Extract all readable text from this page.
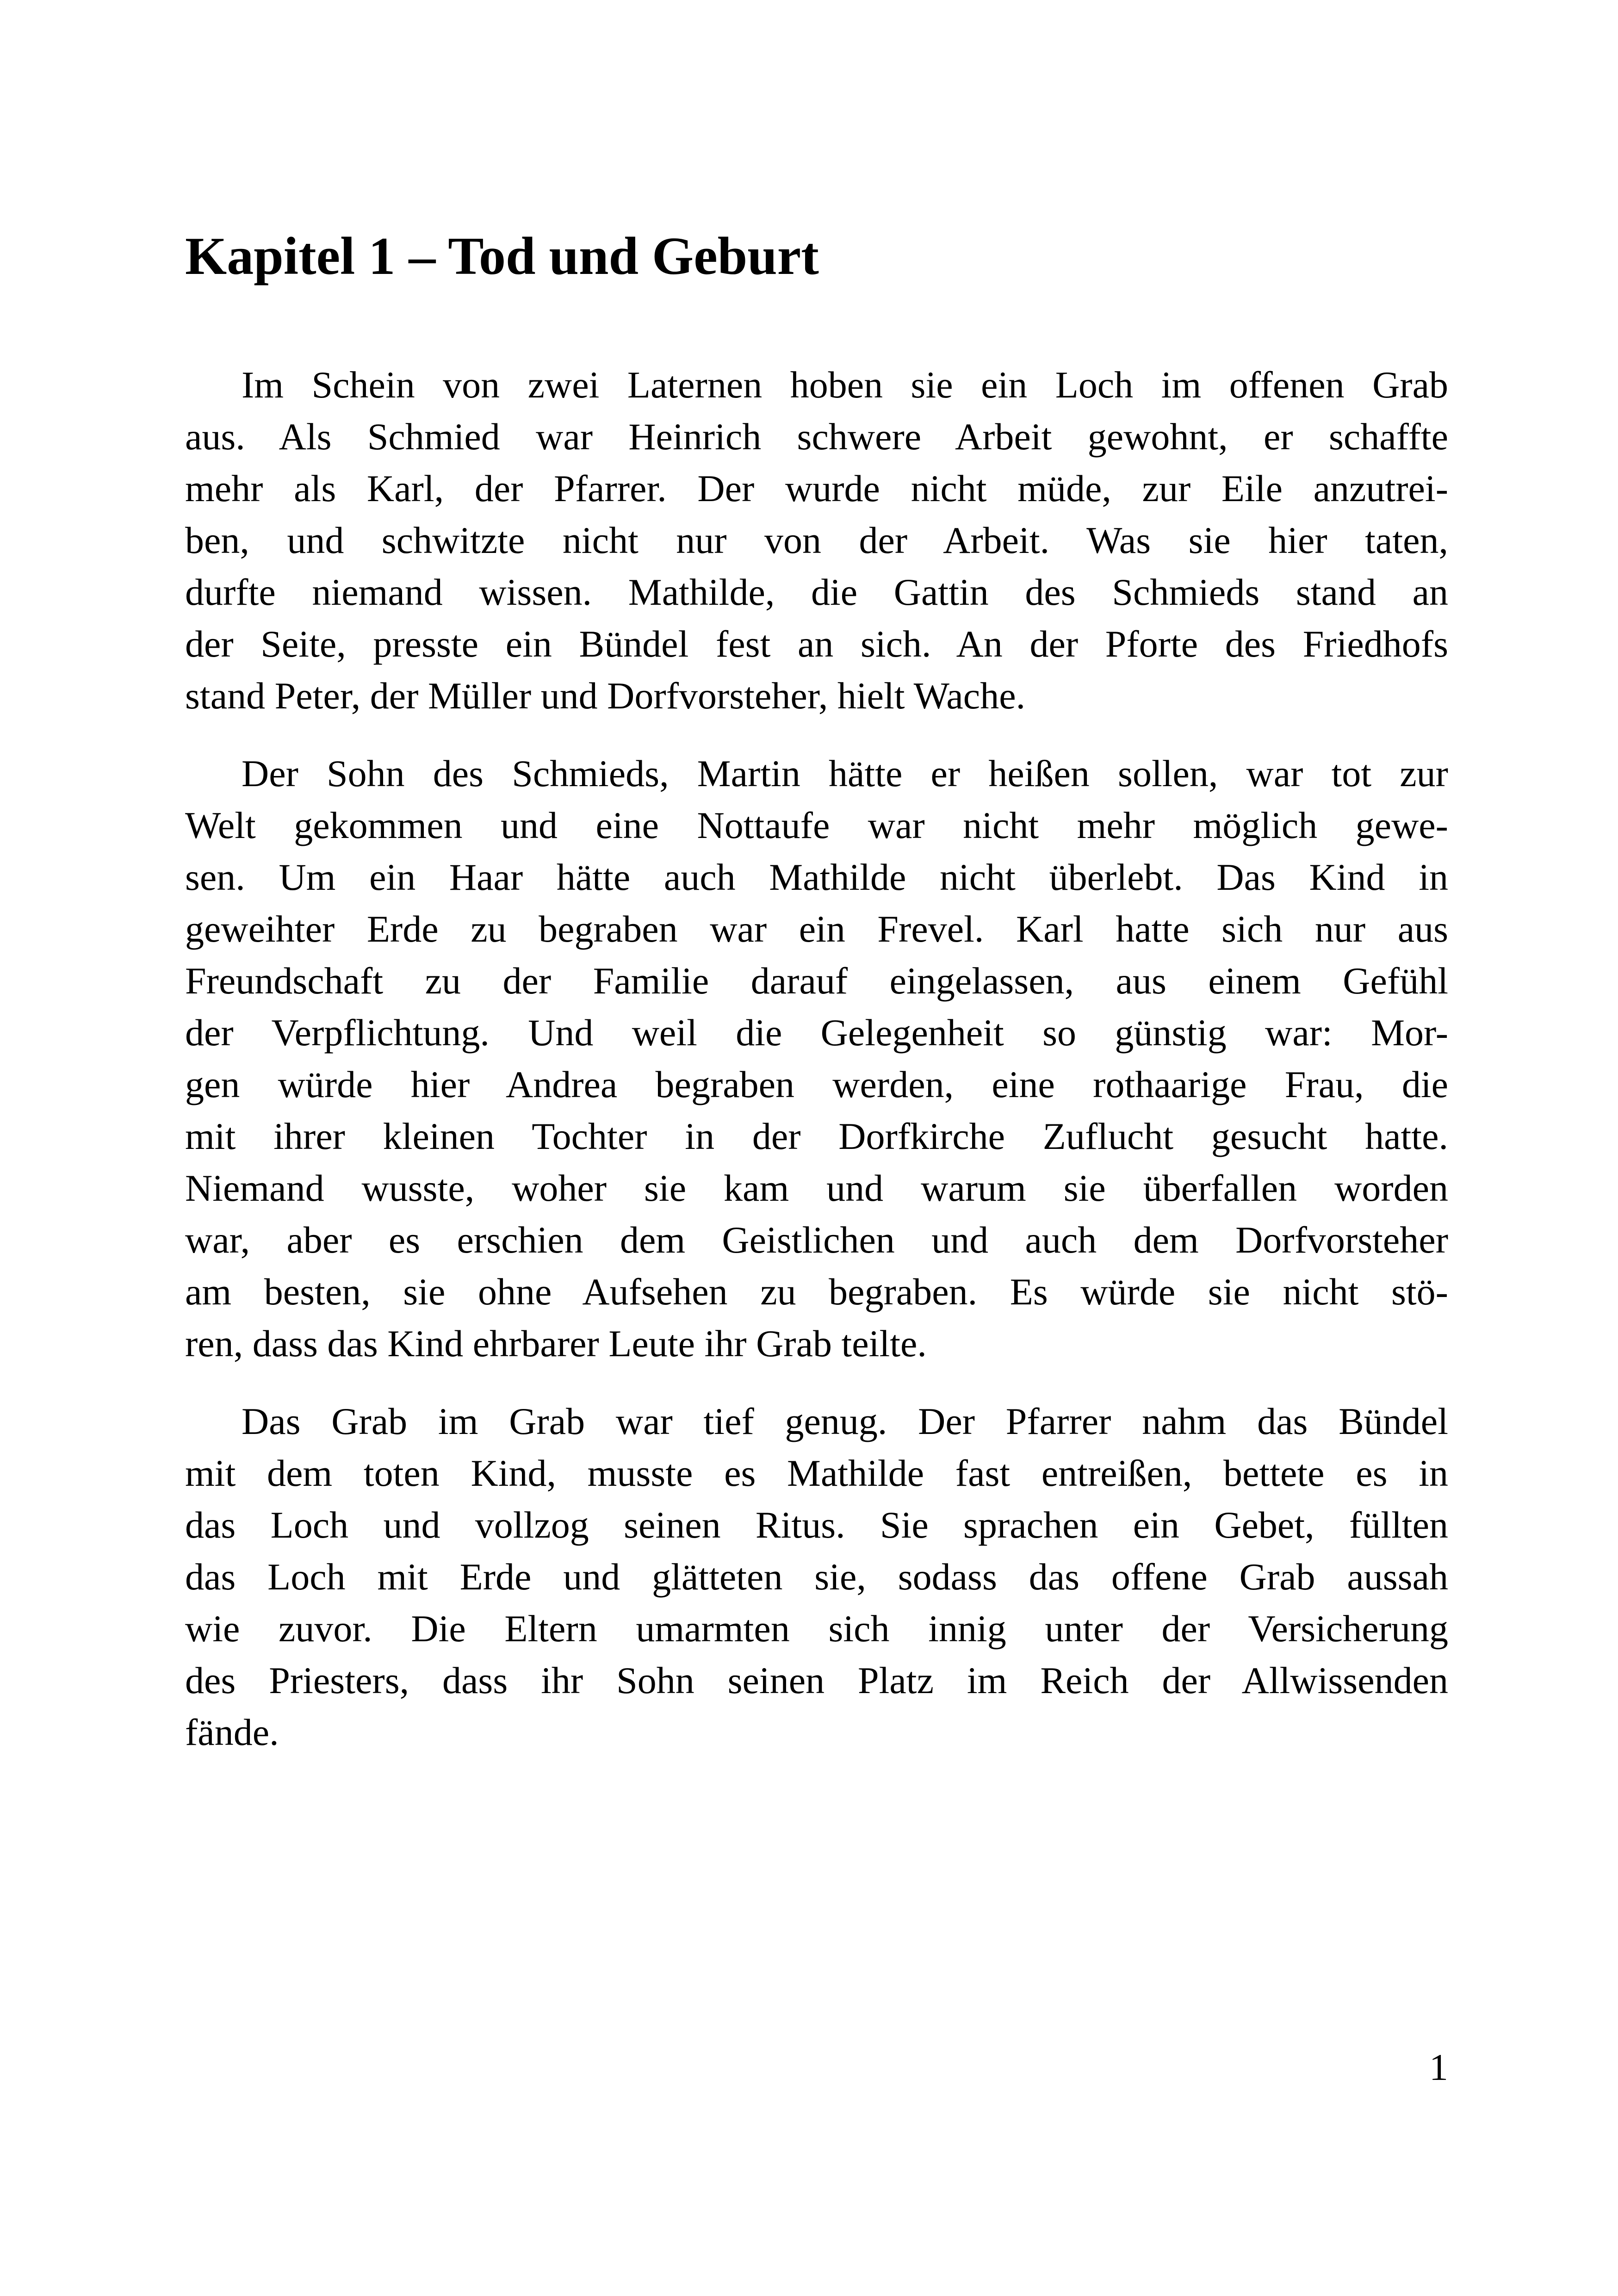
Kapitel 1 – Tod und Geburt

Im Schein von zwei Laternen hoben sie ein Loch im offenen Grab
aus. Als Schmied war Heinrich schwere Arbeit gewohnt, er schaffte
mehr als Karl, der Pfarrer. Der wurde nicht müde, zur Eile anzutrei-
ben, und schwitzte nicht nur von der Arbeit. Was sie hier taten,
durfte niemand wissen. Mathilde, die Gattin des Schmieds stand an
der Seite, presste ein Bündel fest an sich. An der Pforte des Friedhofs
stand Peter, der Müller und Dorfvorsteher, hielt Wache.

Der Sohn des Schmieds, Martin hätte er heißen sollen, war tot zur
Welt gekommen und eine Nottaufe war nicht mehr möglich gewe-
sen. Um ein Haar hätte auch Mathilde nicht überlebt. Das Kind in
geweihter Erde zu begraben war ein Frevel. Karl hatte sich nur aus
Freundschaft zu der Familie darauf eingelassen, aus einem Gefühl
der Verpflichtung. Und weil die Gelegenheit so günstig war: Mor-
gen würde hier Andrea begraben werden, eine rothaarige Frau, die
mit ihrer kleinen Tochter in der Dorfkirche Zuflucht gesucht hatte.
Niemand wusste, woher sie kam und warum sie überfallen worden
war, aber es erschien dem Geistlichen und auch dem Dorfvorsteher
am besten, sie ohne Aufsehen zu begraben. Es würde sie nicht stö-
ren, dass das Kind ehrbarer Leute ihr Grab teilte.

Das Grab im Grab war tief genug. Der Pfarrer nahm das Bündel
mit dem toten Kind, musste es Mathilde fast entreißen, bettete es in
das Loch und vollzog seinen Ritus. Sie sprachen ein Gebet, füllten
das Loch mit Erde und glätteten sie, sodass das offene Grab aussah
wie zuvor. Die Eltern umarmten sich innig unter der Versicherung
des Priesters, dass ihr Sohn seinen Platz im Reich der Allwissenden
fände.

1
